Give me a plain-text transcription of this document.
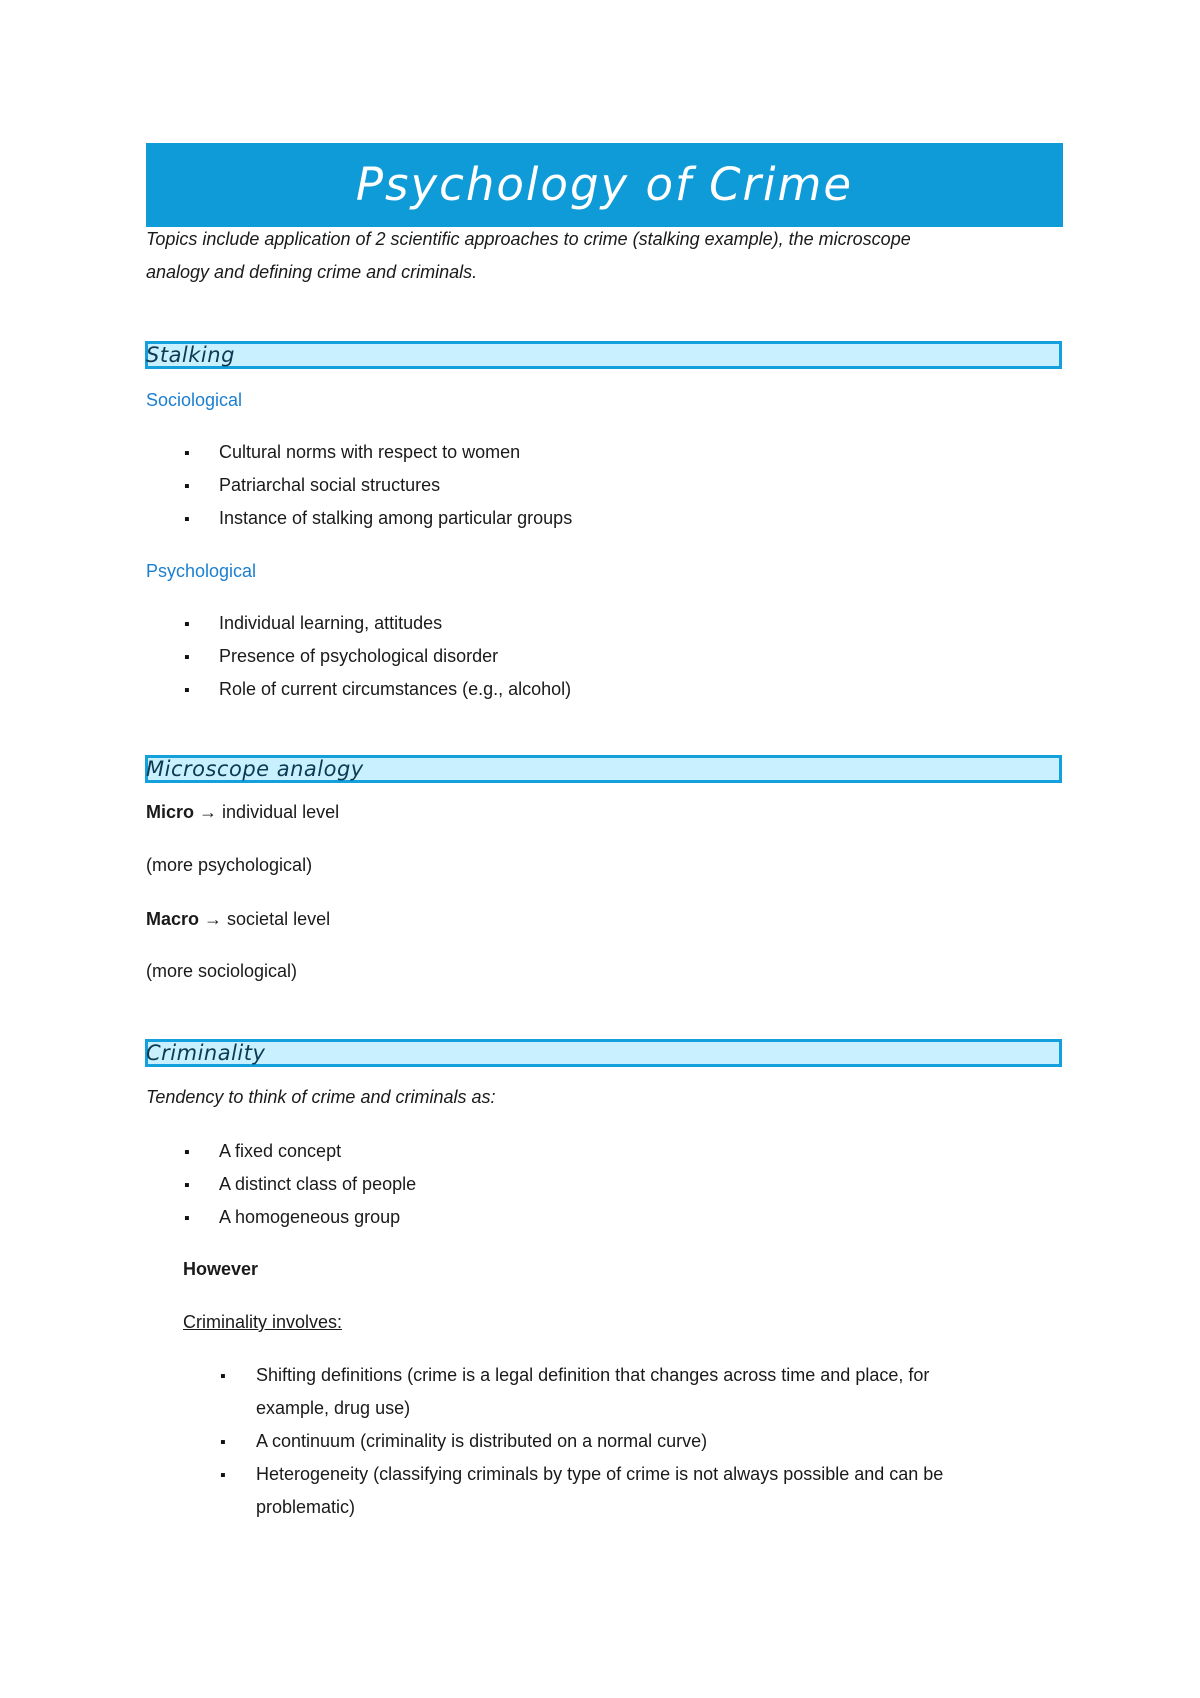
Psychology of Crime
Topics include application of 2 scientific approaches to crime (stalking example), the microscope
analogy and defining crime and criminals.
Stalking
Sociological
▪ Cultural norms with respect to women
▪ Patriarchal social structures
▪ Instance of stalking among particular groups
Psychological
▪ Individual learning, attitudes
▪ Presence of psychological disorder
▪ Role of current circumstances (e.g., alcohol)
Microscope analogy
Micro → individual level
(more psychological)
Macro → societal level
(more sociological)
Criminality
Tendency to think of crime and criminals as:
▪ A fixed concept
▪ A distinct class of people
▪ A homogeneous group
However
Criminality involves:
▪ Shifting definitions (crime is a legal definition that changes across time and place, for
example, drug use)
▪ A continuum (criminality is distributed on a normal curve)
▪ Heterogeneity (classifying criminals by type of crime is not always possible and can be
problematic)
